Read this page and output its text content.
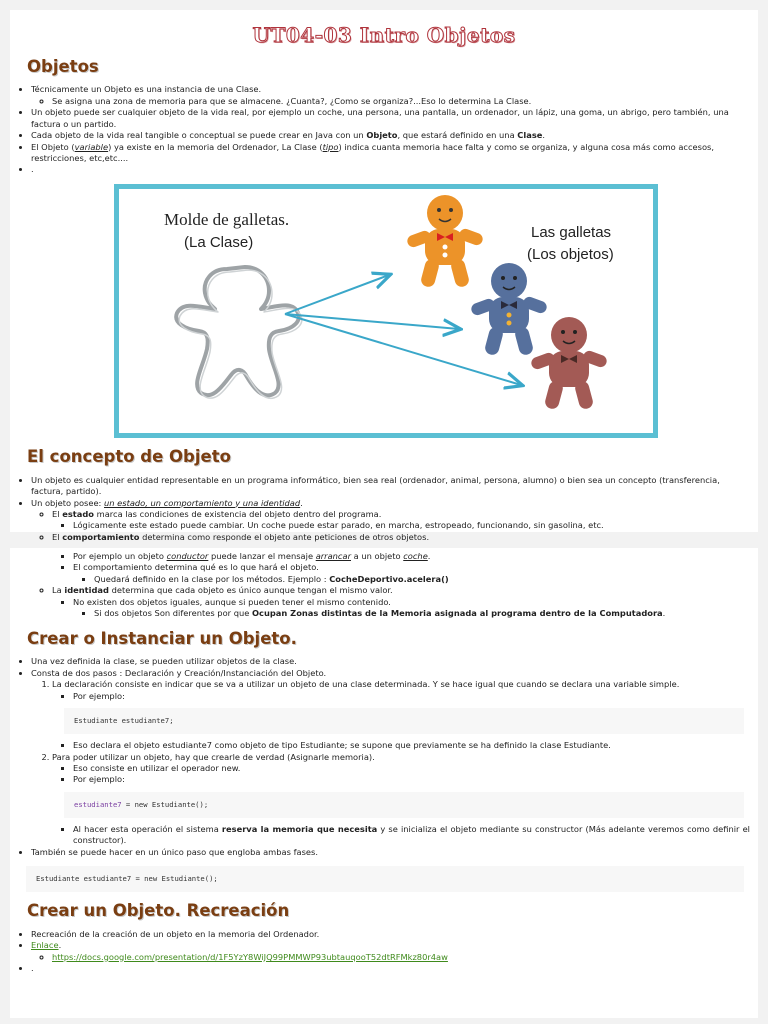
UT04-03 Intro Objetos
Objetos
• Técnicamente un Objeto es una instancia de una Clase.
◦ Se asigna una zona de memoria para que se almacene. ¿Cuanta?, ¿Como se organiza?...Eso lo determina La Clase.
• Un objeto puede ser cualquier objeto de la vida real, por ejemplo un coche, una persona, una pantalla, un ordenador, un lápiz, una goma, un abrigo, pero también, una factura o un partido.
• Cada objeto de la vida real tangible o conceptual se puede crear en Java con un Objeto, que estará definido en una Clase.
• El Objeto (variable) ya existe en la memoria del Ordenador, La Clase (tipo) indica cuanta memoria hace falta y como se organiza, y alguna cosa más como accesos, restricciones, etc,etc....
• .
Molde de galletas.
(La Clase)
Las galletas
(Los objetos)
El concepto de Objeto
• Un objeto es cualquier entidad representable en un programa informático, bien sea real (ordenador, animal, persona, alumno) o bien sea un concepto (transferencia, factura, partido).
• Un objeto posee: un estado, un comportamiento y una identidad.
◦ El estado marca las condiciones de existencia del objeto dentro del programa.
▪ Lógicamente este estado puede cambiar. Un coche puede estar parado, en marcha, estropeado, funcionando, sin gasolina, etc.
◦ El comportamiento determina como responde el objeto ante peticiones de otros objetos.
▪ Por ejemplo un objeto conductor puede lanzar el mensaje arrancar a un objeto coche.
▪ El comportamiento determina qué es lo que hará el objeto.
▪ Quedará definido en la clase por los métodos. Ejemplo : CocheDeportivo.acelera()
◦ La identidad determina que cada objeto es único aunque tengan el mismo valor.
▪ No existen dos objetos iguales, aunque si pueden tener el mismo contenido.
▪ Si dos objetos Son diferentes por que Ocupan Zonas distintas de la Memoria asignada al programa dentro de la Computadora.
Crear o Instanciar un Objeto.
• Una vez definida la clase, se pueden utilizar objetos de la clase.
• Consta de dos pasos : Declaración y Creación/Instanciación del Objeto.
1. La declaración consiste en indicar que se va a utilizar un objeto de una clase determinada. Y se hace igual que cuando se declara una variable simple.
▪ Por ejemplo:
Estudiante estudiante7;
▪ Eso declara el objeto estudiante7 como objeto de tipo Estudiante; se supone que previamente se ha definido la clase Estudiante.
2. Para poder utilizar un objeto, hay que crearle de verdad (Asignarle memoria).
▪ Eso consiste en utilizar el operador new.
▪ Por ejemplo:
estudiante7 = new Estudiante();
▪ Al hacer esta operación el sistema reserva la memoria que necesita y se inicializa el objeto mediante su constructor (Más adelante veremos como definir el constructor).
• También se puede hacer en un único paso que engloba ambas fases.
Estudiante estudiante7 = new Estudiante();
Crear un Objeto. Recreación
• Recreación de la creación de un objeto en la memoria del Ordenador.
• Enlace.
◦ https://docs.google.com/presentation/d/1F5YzY8WiJQ99PMMWP93ubtauqooT52dtRFMkz80r4aw
• .
